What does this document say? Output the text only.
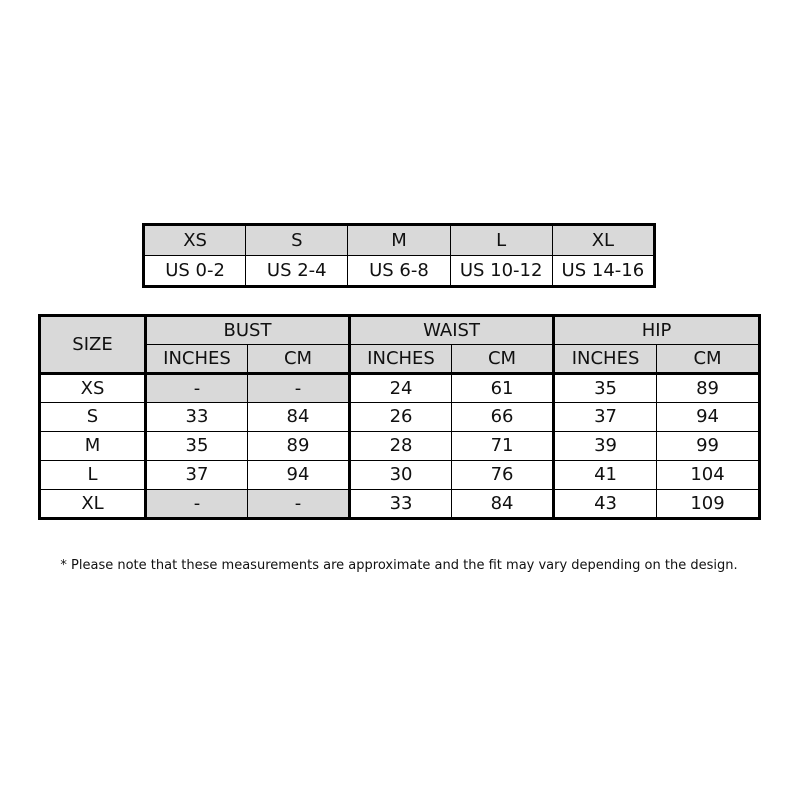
XS	S	M	L	XL
US 0-2	US 2-4	US 6-8	US 10-12	US 14-16
SIZE	BUST		WAIST		HIP	
	INCHES	CM	INCHES	CM	INCHES	CM
XS	-	-	24	61	35	89
S	33	84	26	66	37	94
M	35	89	28	71	39	99
L	37	94	30	76	41	104
XL	-	-	33	84	43	109
* Please note that these measurements are approximate and the fit may vary depending on the design.
